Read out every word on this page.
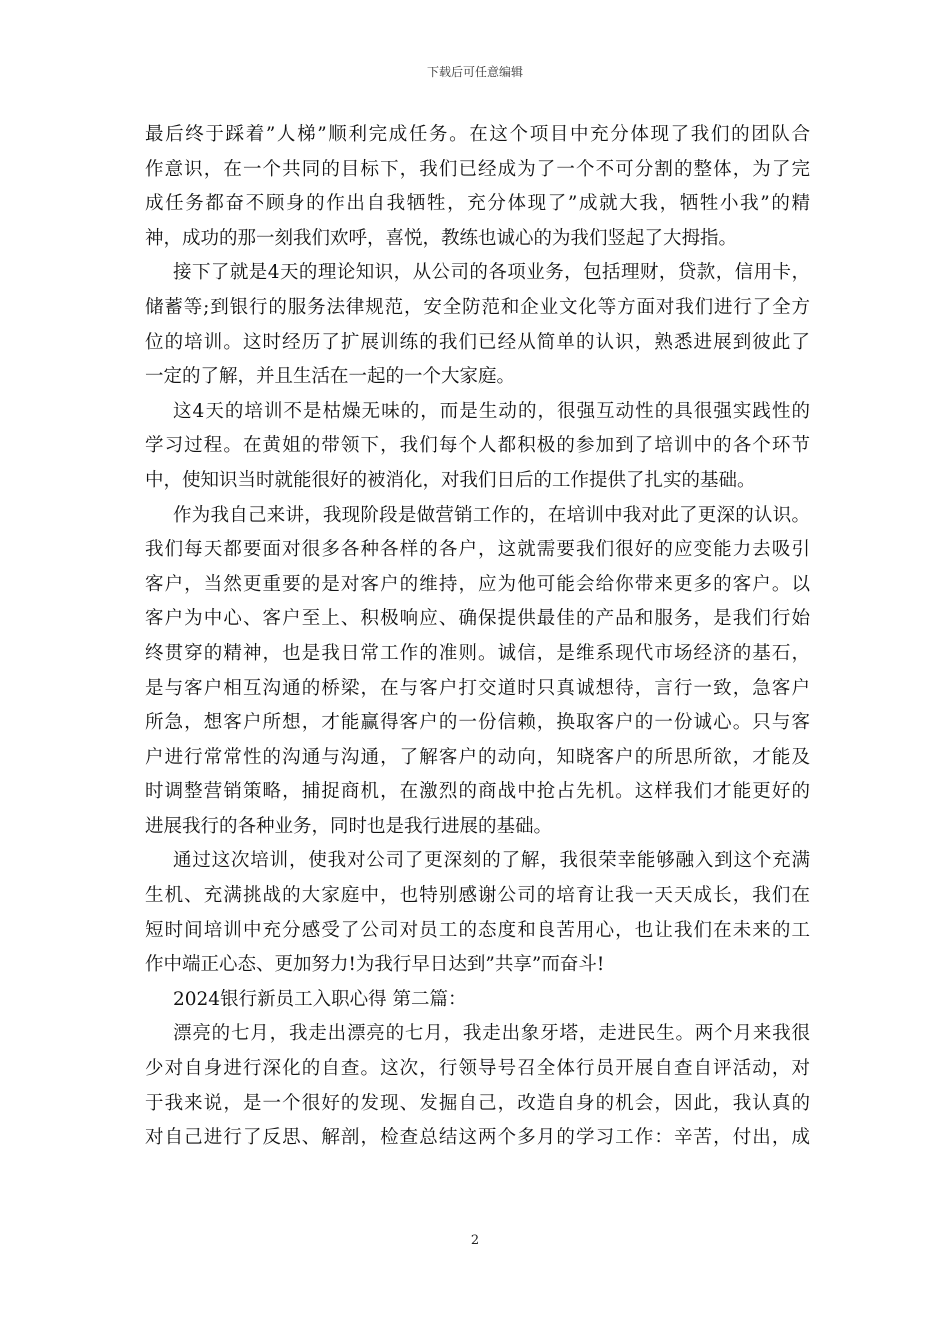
下载后可任意编辑
最后终于踩着”人梯”顺利完成任务。在这个项目中充分体现了我们的团队合
作意识，在一个共同的目标下，我们已经成为了一个不可分割的整体，为了完
成任务都奋不顾身的作出自我牺牲，充分体现了”成就大我，牺牲小我”的精
神，成功的那一刻我们欢呼，喜悦，教练也诚心的为我们竖起了大拇指。
接下了就是4天的理论知识，从公司的各项业务，包括理财，贷款，信用卡，
储蓄等;到银行的服务法律规范，安全防范和企业文化等方面对我们进行了全方
位的培训。这时经历了扩展训练的我们已经从简单的认识，熟悉进展到彼此了
一定的了解，并且生活在一起的一个大家庭。
这4天的培训不是枯燥无味的，而是生动的，很强互动性的具很强实践性的
学习过程。在黄姐的带领下，我们每个人都积极的参加到了培训中的各个环节
中，使知识当时就能很好的被消化，对我们日后的工作提供了扎实的基础。
作为我自己来讲，我现阶段是做营销工作的，在培训中我对此了更深的认识。
我们每天都要面对很多各种各样的各户，这就需要我们很好的应变能力去吸引
客户，当然更重要的是对客户的维持，应为他可能会给你带来更多的客户。以
客户为中心、客户至上、积极响应、确保提供最佳的产品和服务，是我们行始
终贯穿的精神，也是我日常工作的准则。诚信，是维系现代市场经济的基石，
是与客户相互沟通的桥梁，在与客户打交道时只真诚想待，言行一致，急客户
所急，想客户所想，才能赢得客户的一份信赖，换取客户的一份诚心。只与客
户进行常常性的沟通与沟通，了解客户的动向，知晓客户的所思所欲，才能及
时调整营销策略，捕捉商机，在激烈的商战中抢占先机。这样我们才能更好的
进展我行的各种业务，同时也是我行进展的基础。
通过这次培训，使我对公司了更深刻的了解，我很荣幸能够融入到这个充满
生机、充满挑战的大家庭中，也特别感谢公司的培育让我一天天成长，我们在
短时间培训中充分感受了公司对员工的态度和良苦用心，也让我们在未来的工
作中端正心态、更加努力!为我行早日达到”共享”而奋斗!
2024银行新员工入职心得 第二篇：
漂亮的七月，我走出漂亮的七月，我走出象牙塔，走进民生。两个月来我很
少对自身进行深化的自查。这次，行领导号召全体行员开展自查自评活动，对
于我来说，是一个很好的发现、发掘自己，改造自身的机会，因此，我认真的
对自己进行了反思、解剖，检查总结这两个多月的学习工作：辛苦，付出，成
2
